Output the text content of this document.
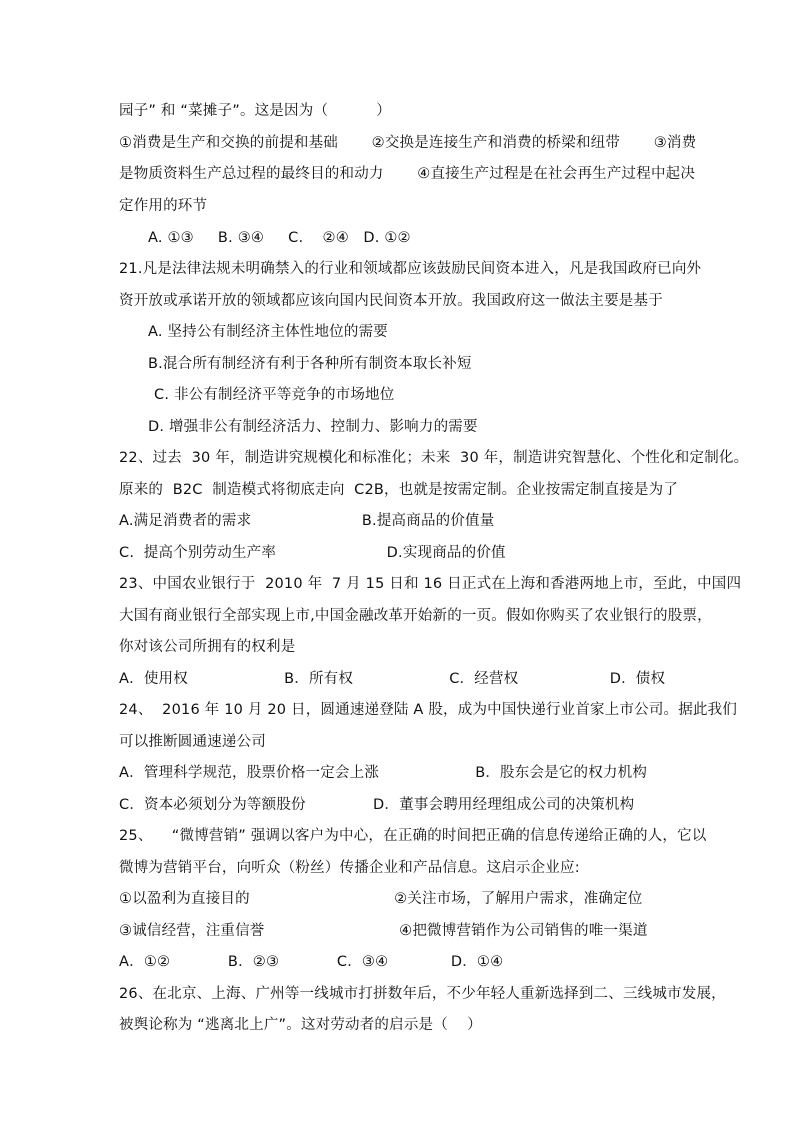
园子” 和 “菜摊子”。这是因为（          ）
①消费是生产和交换的前提和基础       ②交换是连接生产和消费的桥梁和纽带       ③消费
是物质资料生产总过程的最终目的和动力       ④直接生产过程是在社会再生产过程中起决
定作用的环节
A. ①③     B. ③④     C.    ②④   D. ①②
21.凡是法律法规未明确禁入的行业和领域都应该鼓励民间资本进入，凡是我国政府已向外
资开放或承诺开放的领域都应该向国内民间资本开放。我国政府这一做法主要是基于
A. 坚持公有制经济主体性地位的需要
B.混合所有制经济有利于各种所有制资本取长补短
C. 非公有制经济平等竞争的市场地位
D. 增强非公有制经济活力、控制力、影响力的需要
22、过去  30 年，制造讲究规模化和标准化；未来  30 年，制造讲究智慧化、个性化和定制化。
原来的  B2C  制造模式将彻底走向  C2B，也就是按需定制。企业按需定制直接是为了
A.满足消费者的需求                       B.提高商品的价值量
C.  提高个别劳动生产率                       D.实现商品的价值
23、中国农业银行于  2010 年  7 月 15 日和 16 日正式在上海和香港两地上市，至此，中国四
大国有商业银行全部实现上市,中国金融改革开始新的一页。假如你购买了农业银行的股票，
你对该公司所拥有的权利是
A．使用权                    B．所有权                    C．经营权                   D．债权
24、  2016 年 10 月 20 日，圆通速递登陆 A 股，成为中国快递行业首家上市公司。据此我们
可以推断圆通速递公司
A．管理科学规范，股票价格一定会上涨                    B．股东会是它的权力机构
C．资本必须划分为等额股份              D．董事会聘用经理组成公司的决策机构
25、    “微博营销” 强调以客户为中心，在正确的时间把正确的信息传递给正确的人，它以
微博为营销平台，向听众（粉丝）传播企业和产品信息。这启示企业应:
①以盈利为直接目的                              ②关注市场，了解用户需求，准确定位
③诚信经营，注重信誉                            ④把微博营销作为公司销售的唯一渠道
A．①②            B．②③            C．③④             D．①④
26、在北京、上海、广州等一线城市打拼数年后，不少年轻人重新选择到二、三线城市发展，
被舆论称为 “逃离北上广”。这对劳动者的启示是（    ）
